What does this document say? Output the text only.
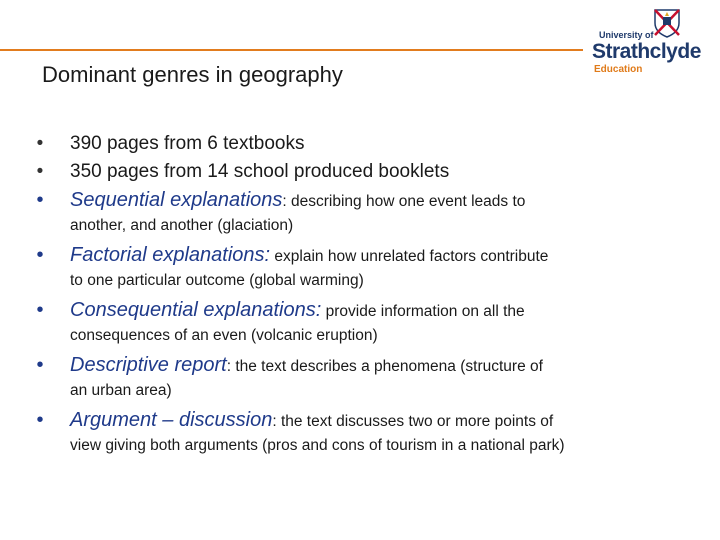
University of
Strathclyde
Education
Dominant genres in geography
•	390 pages from 6 textbooks
•	350 pages from 14 school produced booklets
•	Sequential explanations: describing how one event leads to
another, and another (glaciation)
•	Factorial explanations: explain how unrelated factors contribute
to one particular outcome (global warming)
•	Consequential explanations: provide information on all the
consequences of an even (volcanic eruption)
•	Descriptive report: the text describes a phenomena (structure of
an urban area)
•	Argument – discussion: the text discusses two or more points of
view giving both arguments (pros and cons of tourism in a national park)
